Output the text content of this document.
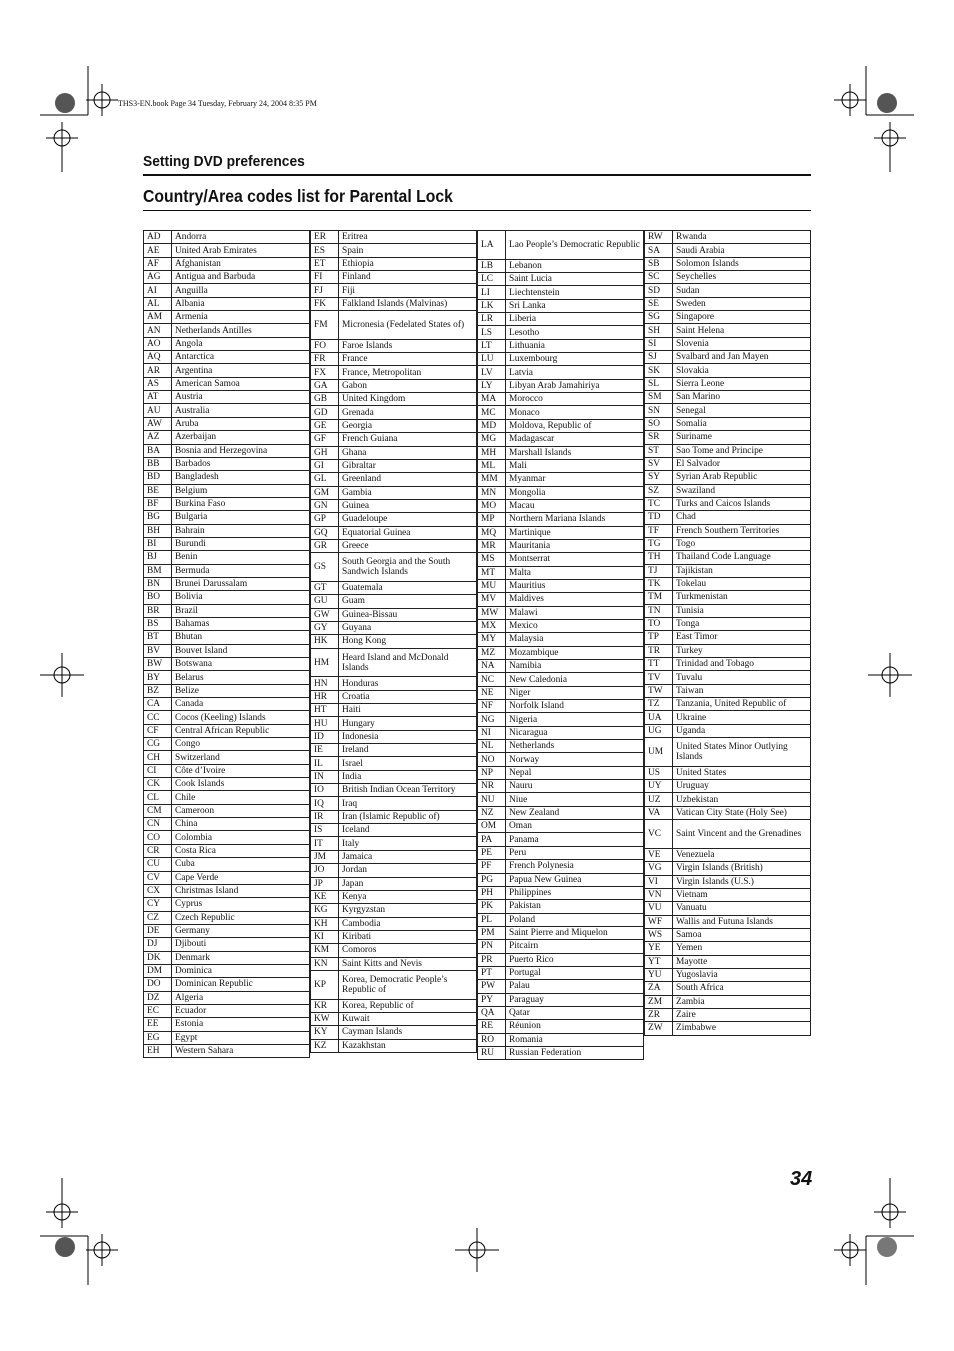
THS3-EN.book Page 34 Tuesday, February 24, 2004 8:35 PM
Setting DVD preferences
Country/Area codes list for Parental Lock
AD	Andorra
AE	United Arab Emirates
AF	Afghanistan
AG	Antigua and Barbuda
AI	Anguilla
AL	Albania
AM	Armenia
AN	Netherlands Antilles
AO	Angola
AQ	Antarctica
AR	Argentina
AS	American Samoa
AT	Austria
AU	Australia
AW	Aruba
AZ	Azerbaijan
BA	Bosnia and Herzegovina
BB	Barbados
BD	Bangladesh
BE	Belgium
BF	Burkina Faso
BG	Bulgaria
BH	Bahrain
BI	Burundi
BJ	Benin
BM	Bermuda
BN	Brunei Darussalam
BO	Bolivia
BR	Brazil
BS	Bahamas
BT	Bhutan
BV	Bouvet Island
BW	Botswana
BY	Belarus
BZ	Belize
CA	Canada
CC	Cocos (Keeling) Islands
CF	Central African Republic
CG	Congo
CH	Switzerland
CI	Côte d’Ivoire
CK	Cook Islands
CL	Chile
CM	Cameroon
CN	China
CO	Colombia
CR	Costa Rica
CU	Cuba
CV	Cape Verde
CX	Christmas Island
CY	Cyprus
CZ	Czech Republic
DE	Germany
DJ	Djibouti
DK	Denmark
DM	Dominica
DO	Dominican Republic
DZ	Algeria
EC	Ecuador
EE	Estonia
EG	Egypt
EH	Western Sahara
ER	Eritrea
ES	Spain
ET	Ethiopia
FI	Finland
FJ	Fiji
FK	Falkland Islands (Malvinas)
FM	Micronesia (Fedelated States of)
FO	Faroe Islands
FR	France
FX	France, Metropolitan
GA	Gabon
GB	United Kingdom
GD	Grenada
GE	Georgia
GF	French Guiana
GH	Ghana
GI	Gibraltar
GL	Greenland
GM	Gambia
GN	Guinea
GP	Guadeloupe
GQ	Equatorial Guinea
GR	Greece
GS	South Georgia and the South Sandwich Islands
GT	Guatemala
GU	Guam
GW	Guinea-Bissau
GY	Guyana
HK	Hong Kong
HM	Heard Island and McDonald Islands
HN	Honduras
HR	Croatia
HT	Haiti
HU	Hungary
ID	Indonesia
IE	Ireland
IL	Israel
IN	India
IO	British Indian Ocean Territory
IQ	Iraq
IR	Iran (Islamic Republic of)
IS	Iceland
IT	Italy
JM	Jamaica
JO	Jordan
JP	Japan
KE	Kenya
KG	Kyrgyzstan
KH	Cambodia
KI	Kiribati
KM	Comoros
KN	Saint Kitts and Nevis
KP	Korea, Democratic People’s Republic of
KR	Korea, Republic of
KW	Kuwait
KY	Cayman Islands
KZ	Kazakhstan
LA	Lao People’s Democratic Republic
LB	Lebanon
LC	Saint Lucia
LI	Liechtenstein
LK	Sri Lanka
LR	Liberia
LS	Lesotho
LT	Lithuania
LU	Luxembourg
LV	Latvia
LY	Libyan Arab Jamahiriya
MA	Morocco
MC	Monaco
MD	Moldova, Republic of
MG	Madagascar
MH	Marshall Islands
ML	Mali
MM	Myanmar
MN	Mongolia
MO	Macau
MP	Northern Mariana Islands
MQ	Martinique
MR	Mauritania
MS	Montserrat
MT	Malta
MU	Mauritius
MV	Maldives
MW	Malawi
MX	Mexico
MY	Malaysia
MZ	Mozambique
NA	Namibia
NC	New Caledonia
NE	Niger
NF	Norfolk Island
NG	Nigeria
NI	Nicaragua
NL	Netherlands
NO	Norway
NP	Nepal
NR	Nauru
NU	Niue
NZ	New Zealand
OM	Oman
PA	Panama
PE	Peru
PF	French Polynesia
PG	Papua New Guinea
PH	Philippines
PK	Pakistan
PL	Poland
PM	Saint Pierre and Miquelon
PN	Pitcairn
PR	Puerto Rico
PT	Portugal
PW	Palau
PY	Paraguay
QA	Qatar
RE	Réunion
RO	Romania
RU	Russian Federation
RW	Rwanda
SA	Saudi Arabia
SB	Solomon Islands
SC	Seychelles
SD	Sudan
SE	Sweden
SG	Singapore
SH	Saint Helena
SI	Slovenia
SJ	Svalbard and Jan Mayen
SK	Slovakia
SL	Sierra Leone
SM	San Marino
SN	Senegal
SO	Somalia
SR	Suriname
ST	Sao Tome and Principe
SV	El Salvador
SY	Syrian Arab Republic
SZ	Swaziland
TC	Turks and Caicos Islands
TD	Chad
TF	French Southern Territories
TG	Togo
TH	Thailand Code Language
TJ	Tajikistan
TK	Tokelau
TM	Turkmenistan
TN	Tunisia
TO	Tonga
TP	East Timor
TR	Turkey
TT	Trinidad and Tobago
TV	Tuvalu
TW	Taiwan
TZ	Tanzania, United Republic of
UA	Ukraine
UG	Uganda
UM	United States Minor Outlying Islands
US	United States
UY	Uruguay
UZ	Uzbekistan
VA	Vatican City State (Holy See)
VC	Saint Vincent and the Grenadines
VE	Venezuela
VG	Virgin Islands (British)
VI	Virgin Islands (U.S.)
VN	Vietnam
VU	Vanuatu
WF	Wallis and Futuna Islands
WS	Samoa
YE	Yemen
YT	Mayotte
YU	Yugoslavia
ZA	South Africa
ZM	Zambia
ZR	Zaire
ZW	Zimbabwe
34
